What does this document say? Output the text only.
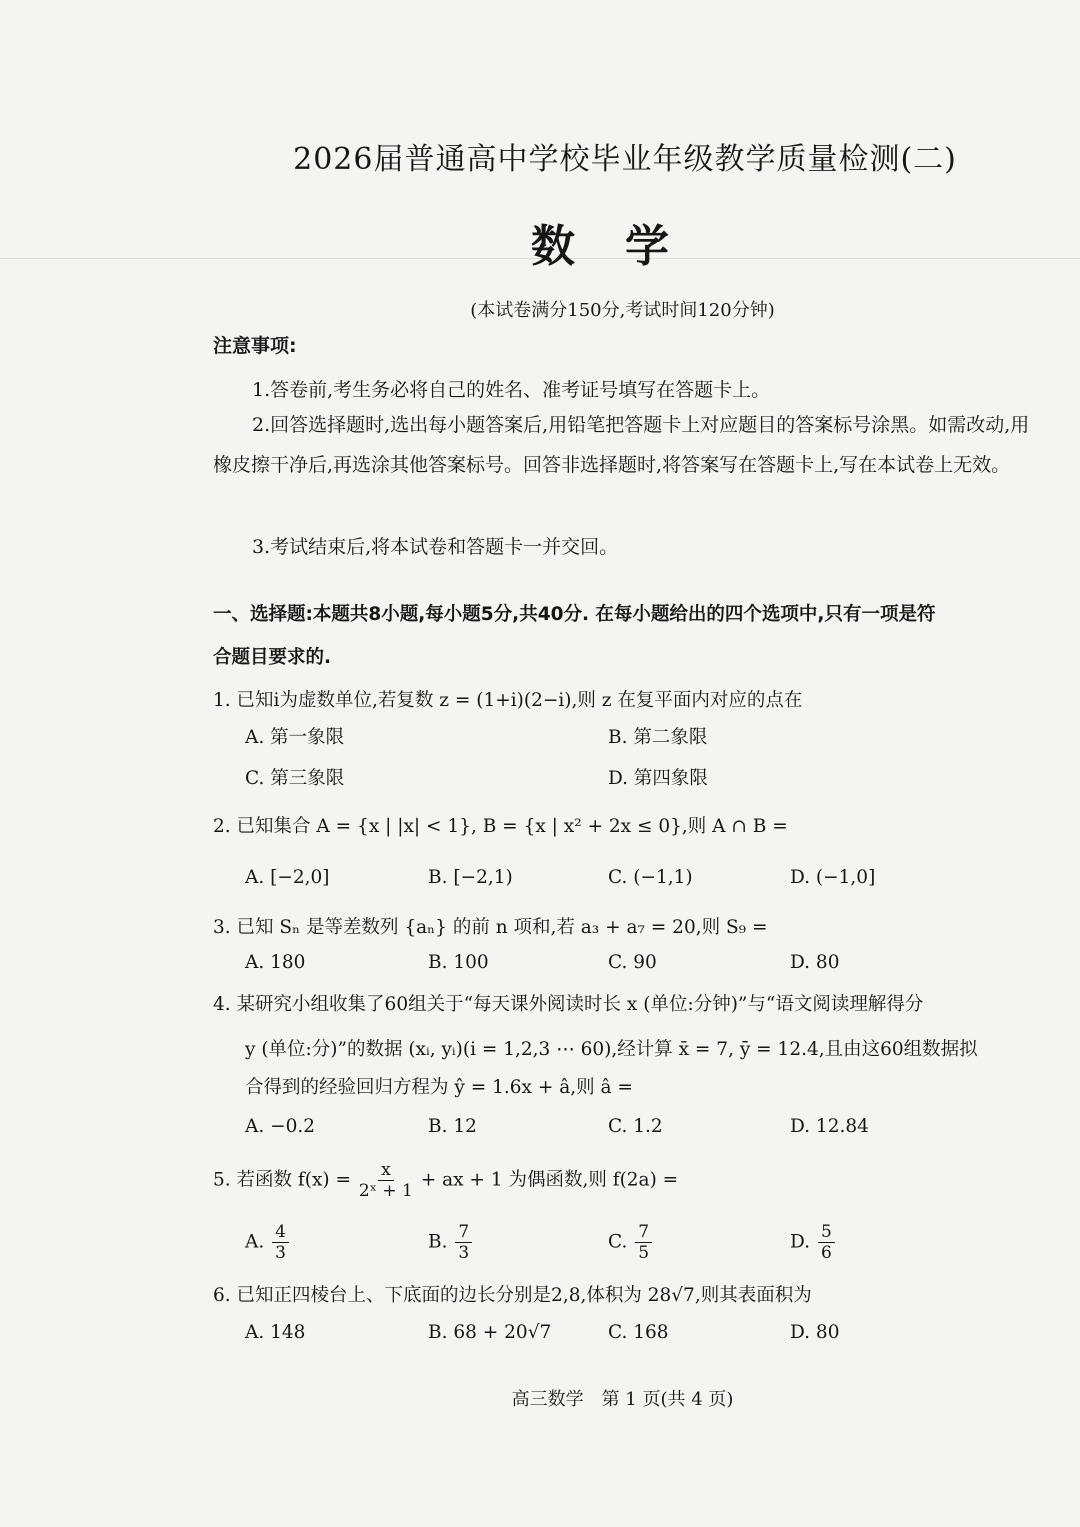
2026届普通高中学校毕业年级教学质量检测(二)
数学
(本试卷满分150分,考试时间120分钟)
注意事项:
1.答卷前,考生务必将自己的姓名、准考证号填写在答题卡上。
2.回答选择题时,选出每小题答案后,用铅笔把答题卡上对应题目的答案标号涂黑。如需改动,用橡皮擦干净后,再选涂其他答案标号。回答非选择题时,将答案写在答题卡上,写在本试卷上无效。
3.考试结束后,将本试卷和答题卡一并交回。
一、选择题:本题共8小题,每小题5分,共40分. 在每小题给出的四个选项中,只有一项是符
合题目要求的.
1. 已知i为虚数单位,若复数 z = (1+i)(2−i),则 z 在复平面内对应的点在
A. 第一象限	B. 第二象限
C. 第三象限	D. 第四象限
2. 已知集合 A = {x | |x| < 1}, B = {x | x² + 2x ≤ 0},则 A ∩ B =
A. [−2,0]	B. [−2,1)	C. (−1,1)	D. (−1,0]
3. 已知 Sₙ 是等差数列 {aₙ} 的前 n 项和,若 a₃ + a₇ = 20,则 S₉ =
A. 180	B. 100	C. 90	D. 80
4. 某研究小组收集了60组关于“每天课外阅读时长 x (单位:分钟)”与“语文阅读理解得分
y (单位:分)”的数据 (xᵢ, yᵢ)(i = 1,2,3 ⋯ 60),经计算 x̄ = 7, ȳ = 12.4,且由这60组数据拟
合得到的经验回归方程为 ŷ = 1.6x + â,则 â =
A. −0.2	B. 12	C. 1.2	D. 12.84
5. 若函数 $f(x) = \frac{x}{\text{2ˣ + 1}}$ + ax + 1 为偶函数,则 f(2a) =
A. $\frac{4}{3}$	B. $\frac{7}{3}$	C. $\frac{7}{5}$	D. $\frac{5}{6}$
6. 已知正四棱台上、下底面的边长分别是2,8,体积为 28√7,则其表面积为
A. 148	B. 68 + 20√7	C. 168	D. 80
高三数学　第 1 页(共 4 页)
